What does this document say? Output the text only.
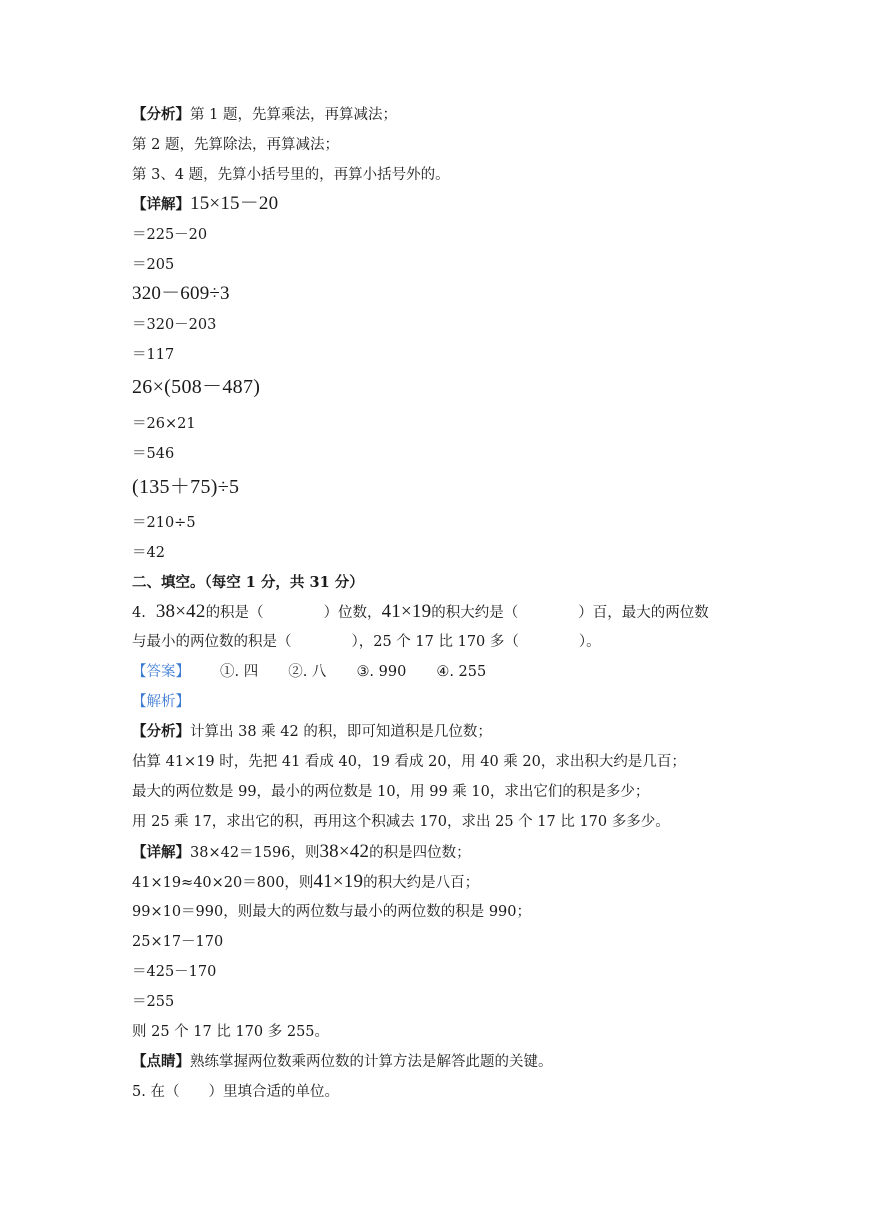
【分析】第 1 题，先算乘法，再算减法；
第 2 题，先算除法，再算减法；
第 3、4 题，先算小括号里的，再算小括号外的。
【详解】15×15－20
＝225－20
＝205
320－609÷3
＝320－203
＝117
26×(508－487)
＝26×21
＝546
(135＋75)÷5
＝210÷5
＝42
二、填空。（每空 1 分，共 31 分）
4. 38×42的积是（	）位数，41×19的积大约是（	）百，最大的两位数
与最小的两位数的积是（	），25 个 17 比 170 多（	）。
【答案】 ①. 四 ②. 八 ③. 990 ④. 255
【解析】
【分析】计算出 38 乘 42 的积，即可知道积是几位数；
估算 41×19 时，先把 41 看成 40，19 看成 20，用 40 乘 20，求出积大约是几百；
最大的两位数是 99，最小的两位数是 10，用 99 乘 10，求出它们的积是多少；
用 25 乘 17，求出它的积，再用这个积减去 170，求出 25 个 17 比 170 多多少。
【详解】38×42＝1596，则38×42的积是四位数；
41×19≈40×20＝800，则41×19的积大约是八百；
99×10＝990，则最大的两位数与最小的两位数的积是 990；
25×17－170
＝425－170
＝255
则 25 个 17 比 170 多 255。
【点睛】熟练掌握两位数乘两位数的计算方法是解答此题的关键。
5. 在（　　）里填合适的单位。
